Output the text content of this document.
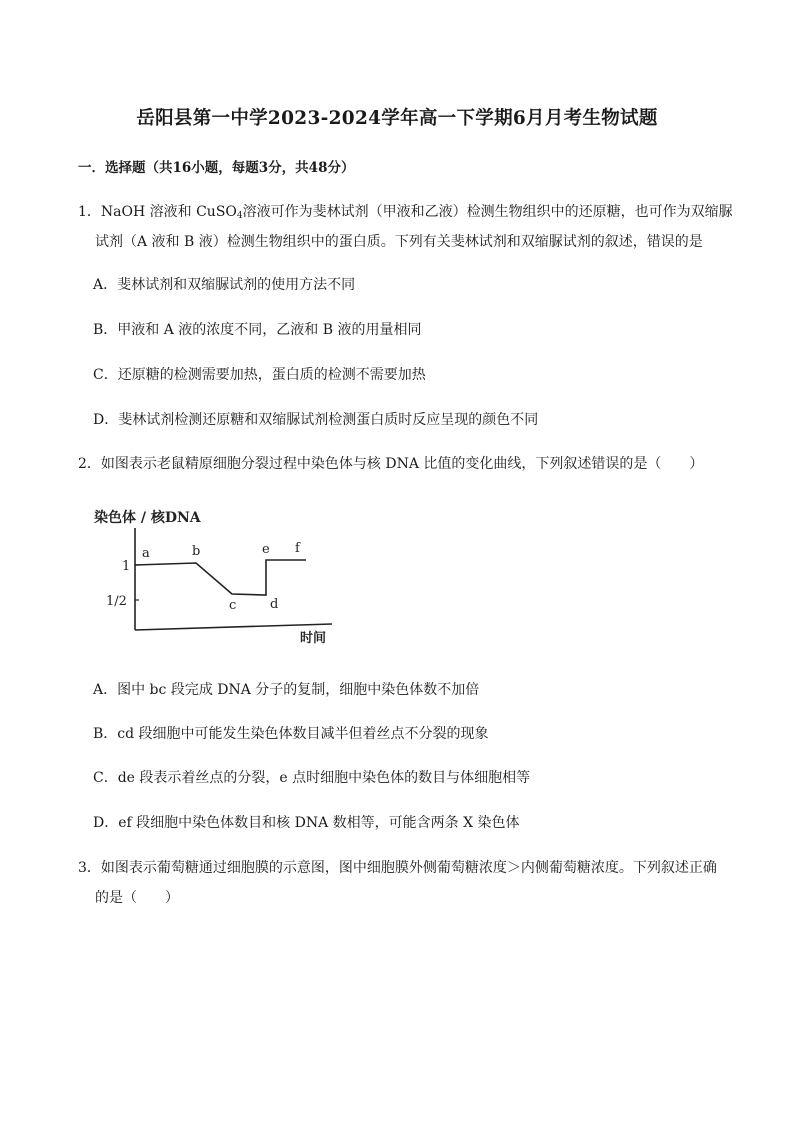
岳阳县第一中学2023-2024学年高一下学期6月月考生物试题
一．选择题（共16小题，每题3分，共48分）
1．NaOH 溶液和 CuSO$_4$溶液可作为斐林试剂（甲液和乙液）检测生物组织中的还原糖，也可作为双缩脲
试剂（A 液和 B 液）检测生物组织中的蛋白质。下列有关斐林试剂和双缩脲试剂的叙述，错误的是
A．斐林试剂和双缩脲试剂的使用方法不同
B．甲液和 A 液的浓度不同，乙液和 B 液的用量相同
C．还原糖的检测需要加热，蛋白质的检测不需要加热
D．斐林试剂检测还原糖和双缩脲试剂检测蛋白质时反应呈现的颜色不同
2．如图表示老鼠精原细胞分裂过程中染色体与核 DNA 比值的变化曲线，下列叙述错误的是（　　）
染色体 / 核DNA
1
1/2
a	b
c	d
e f
时间
A．图中 bc 段完成 DNA 分子的复制，细胞中染色体数不加倍
B．cd 段细胞中可能发生染色体数目减半但着丝点不分裂的现象
C．de 段表示着丝点的分裂，e 点时细胞中染色体的数目与体细胞相等
D．ef 段细胞中染色体数目和核 DNA 数相等，可能含两条 X 染色体
3．如图表示葡萄糖通过细胞膜的示意图，图中细胞膜外侧葡萄糖浓度＞内侧葡萄糖浓度。下列叙述正确
的是（　　）
